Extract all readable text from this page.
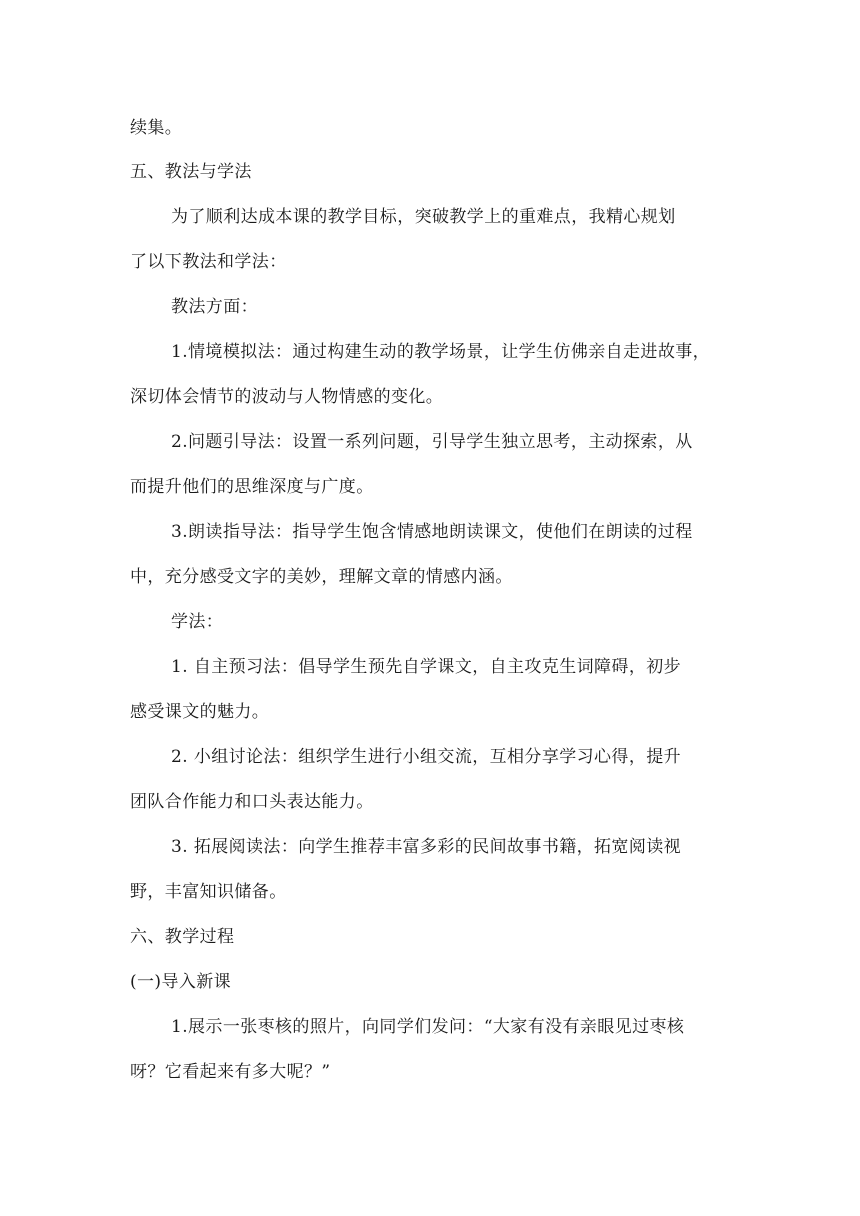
续集。
五、教法与学法
为了顺利达成本课的教学目标，突破教学上的重难点，我精心规划
了以下教法和学法：
教法方面：
1.情境模拟法：通过构建生动的教学场景，让学生仿佛亲自走进故事，
深切体会情节的波动与人物情感的变化。
2.问题引导法：设置一系列问题，引导学生独立思考，主动探索，从
而提升他们的思维深度与广度。
3.朗读指导法：指导学生饱含情感地朗读课文，使他们在朗读的过程
中，充分感受文字的美妙，理解文章的情感内涵。
学法：
1. 自主预习法：倡导学生预先自学课文，自主攻克生词障碍，初步
感受课文的魅力。
2. 小组讨论法：组织学生进行小组交流，互相分享学习心得，提升
团队合作能力和口头表达能力。
3. 拓展阅读法：向学生推荐丰富多彩的民间故事书籍，拓宽阅读视
野，丰富知识储备。
六、教学过程
(一)导入新课
1.展示一张枣核的照片，向同学们发问：“大家有没有亲眼见过枣核
呀？它看起来有多大呢？”
